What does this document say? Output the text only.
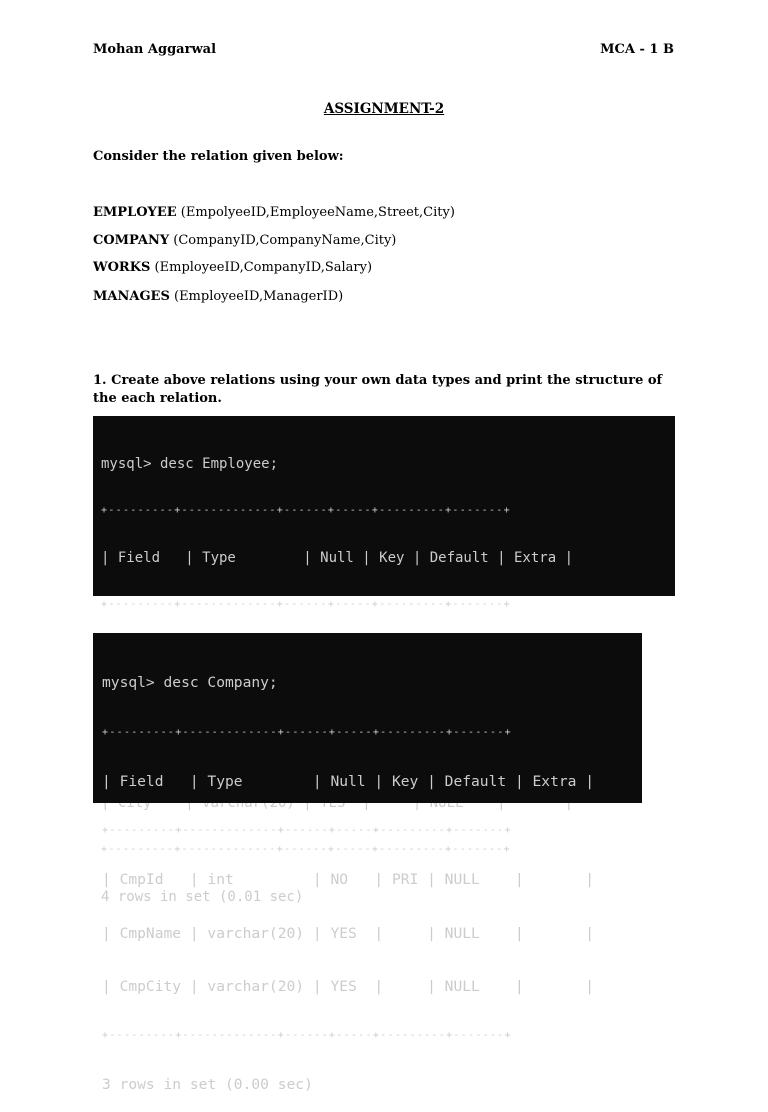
Mohan Aggarwal	MCA - 1 B
ASSIGNMENT-2
Consider the relation given below:
EMPLOYEE (EmpolyeeID,EmployeeName,Street,City)
COMPANY (CompanyID,CompanyName,City)
WORKS (EmployeeID,CompanyID,Salary)
MANAGES (EmployeeID,ManagerID)
1. Create above relations using your own data types and print the structure of the each relation.

mysql> desc Employee;

+---------+-------------+------+-----+---------+-------+

| Field   | Type        | Null | Key | Default | Extra |

+---------+-------------+------+-----+---------+-------+

+---------+-------------+------+-----+---------+-------+

4 rows in set (0.01 sec)

mysql> desc Company;

+---------+-------------+------+-----+---------+-------+

| Field   | Type        | Null | Key | Default | Extra |

+---------+-------------+------+-----+---------+-------+

| CmpId   | int         | NO   | PRI | NULL    |       |

| CmpName | varchar(20) | YES  |     | NULL    |       |

| CmpCity | varchar(20) | YES  |     | NULL    |       |

+---------+-------------+------+-----+---------+-------+

3 rows in set (0.00 sec)
